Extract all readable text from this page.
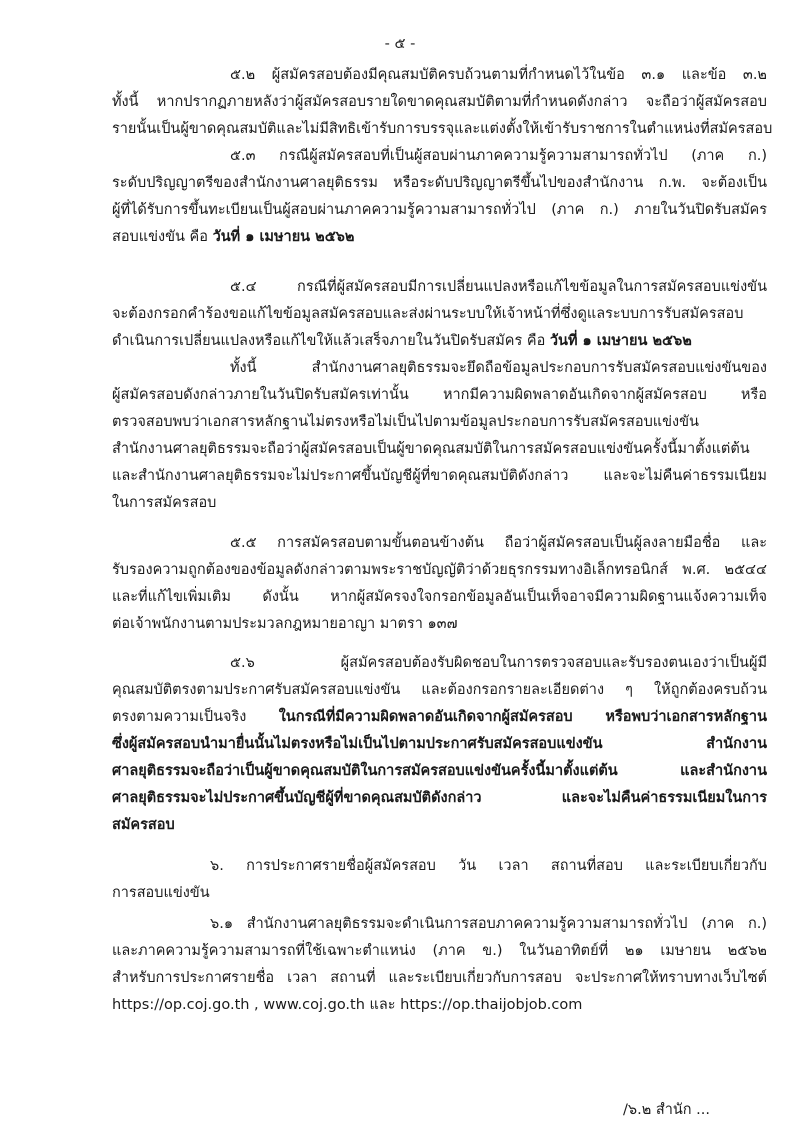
- ๕ -
๕.๒ ผู้สมัครสอบต้องมีคุณสมบัติครบถ้วนตามที่กำหนดไว้ในข้อ ๓.๑ และข้อ ๓.๒
ทั้งนี้ หากปรากฏภายหลังว่าผู้สมัครสอบรายใดขาดคุณสมบัติตามที่กำหนดดังกล่าว จะถือว่าผู้สมัครสอบ
รายนั้นเป็นผู้ขาดคุณสมบัติและไม่มีสิทธิเข้ารับการบรรจุและแต่งตั้งให้เข้ารับราชการในตำแหน่งที่สมัครสอบ
๕.๓ กรณีผู้สมัครสอบที่เป็นผู้สอบผ่านภาคความรู้ความสามารถทั่วไป (ภาค ก.)
ระดับปริญญาตรีของสำนักงานศาลยุติธรรม หรือระดับปริญญาตรีขึ้นไปของสำนักงาน ก.พ. จะต้องเป็น
ผู้ที่ได้รับการขึ้นทะเบียนเป็นผู้สอบผ่านภาคความรู้ความสามารถทั่วไป (ภาค ก.) ภายในวันปิดรับสมัคร
สอบแข่งขัน คือ วันที่ ๑ เมษายน ๒๕๖๒
๕.๔ กรณีที่ผู้สมัครสอบมีการเปลี่ยนแปลงหรือแก้ไขข้อมูลในการสมัครสอบแข่งขัน
จะต้องกรอกคำร้องขอแก้ไขข้อมูลสมัครสอบและส่งผ่านระบบให้เจ้าหน้าที่ซึ่งดูแลระบบการรับสมัครสอบ
ดำเนินการเปลี่ยนแปลงหรือแก้ไขให้แล้วเสร็จภายในวันปิดรับสมัคร คือ วันที่ ๑ เมษายน ๒๕๖๒
ทั้งนี้ สำนักงานศาลยุติธรรมจะยึดถือข้อมูลประกอบการรับสมัครสอบแข่งขันของ
ผู้สมัครสอบดังกล่าวภายในวันปิดรับสมัครเท่านั้น หากมีความผิดพลาดอันเกิดจากผู้สมัครสอบ หรือ
ตรวจสอบพบว่าเอกสารหลักฐานไม่ตรงหรือไม่เป็นไปตามข้อมูลประกอบการรับสมัครสอบแข่งขัน
สำนักงานศาลยุติธรรมจะถือว่าผู้สมัครสอบเป็นผู้ขาดคุณสมบัติในการสมัครสอบแข่งขันครั้งนี้มาตั้งแต่ต้น
และสำนักงานศาลยุติธรรมจะไม่ประกาศขึ้นบัญชีผู้ที่ขาดคุณสมบัติดังกล่าว และจะไม่คืนค่าธรรมเนียม
ในการสมัครสอบ
๕.๕ การสมัครสอบตามขั้นตอนข้างต้น ถือว่าผู้สมัครสอบเป็นผู้ลงลายมือชื่อ และ
รับรองความถูกต้องของข้อมูลดังกล่าวตามพระราชบัญญัติว่าด้วยธุรกรรมทางอิเล็กทรอนิกส์ พ.ศ. ๒๕๔๔
และที่แก้ไขเพิ่มเติม ดังนั้น หากผู้สมัครจงใจกรอกข้อมูลอันเป็นเท็จอาจมีความผิดฐานแจ้งความเท็จ
ต่อเจ้าพนักงานตามประมวลกฎหมายอาญา มาตรา ๑๓๗
๕.๖ ผู้สมัครสอบต้องรับผิดชอบในการตรวจสอบและรับรองตนเองว่าเป็นผู้มี
คุณสมบัติตรงตามประกาศรับสมัครสอบแข่งขัน และต้องกรอกรายละเอียดต่าง ๆ ให้ถูกต้องครบถ้วน
ตรงตามความเป็นจริง ในกรณีที่มีความผิดพลาดอันเกิดจากผู้สมัครสอบ หรือพบว่าเอกสารหลักฐาน
ซึ่งผู้สมัครสอบนำมายื่นนั้นไม่ตรงหรือไม่เป็นไปตามประกาศรับสมัครสอบแข่งขัน สำนักงาน
ศาลยุติธรรมจะถือว่าเป็นผู้ขาดคุณสมบัติในการสมัครสอบแข่งขันครั้งนี้มาตั้งแต่ต้น และสำนักงาน
ศาลยุติธรรมจะไม่ประกาศขึ้นบัญชีผู้ที่ขาดคุณสมบัติดังกล่าว และจะไม่คืนค่าธรรมเนียมในการ
สมัครสอบ
๖. การประกาศรายชื่อผู้สมัครสอบ วัน เวลา สถานที่สอบ และระเบียบเกี่ยวกับ
การสอบแข่งขัน
๖.๑ สำนักงานศาลยุติธรรมจะดำเนินการสอบภาคความรู้ความสามารถทั่วไป (ภาค ก.)
และภาคความรู้ความสามารถที่ใช้เฉพาะตำแหน่ง (ภาค ข.) ในวันอาทิตย์ที่ ๒๑ เมษายน ๒๕๖๒
สำหรับการประกาศรายชื่อ เวลา สถานที่ และระเบียบเกี่ยวกับการสอบ จะประกาศให้ทราบทางเว็บไซต์
https://op.coj.go.th , www.coj.go.th และ https://op.thaijobjob.com
/๖.๒ สำนัก ...
